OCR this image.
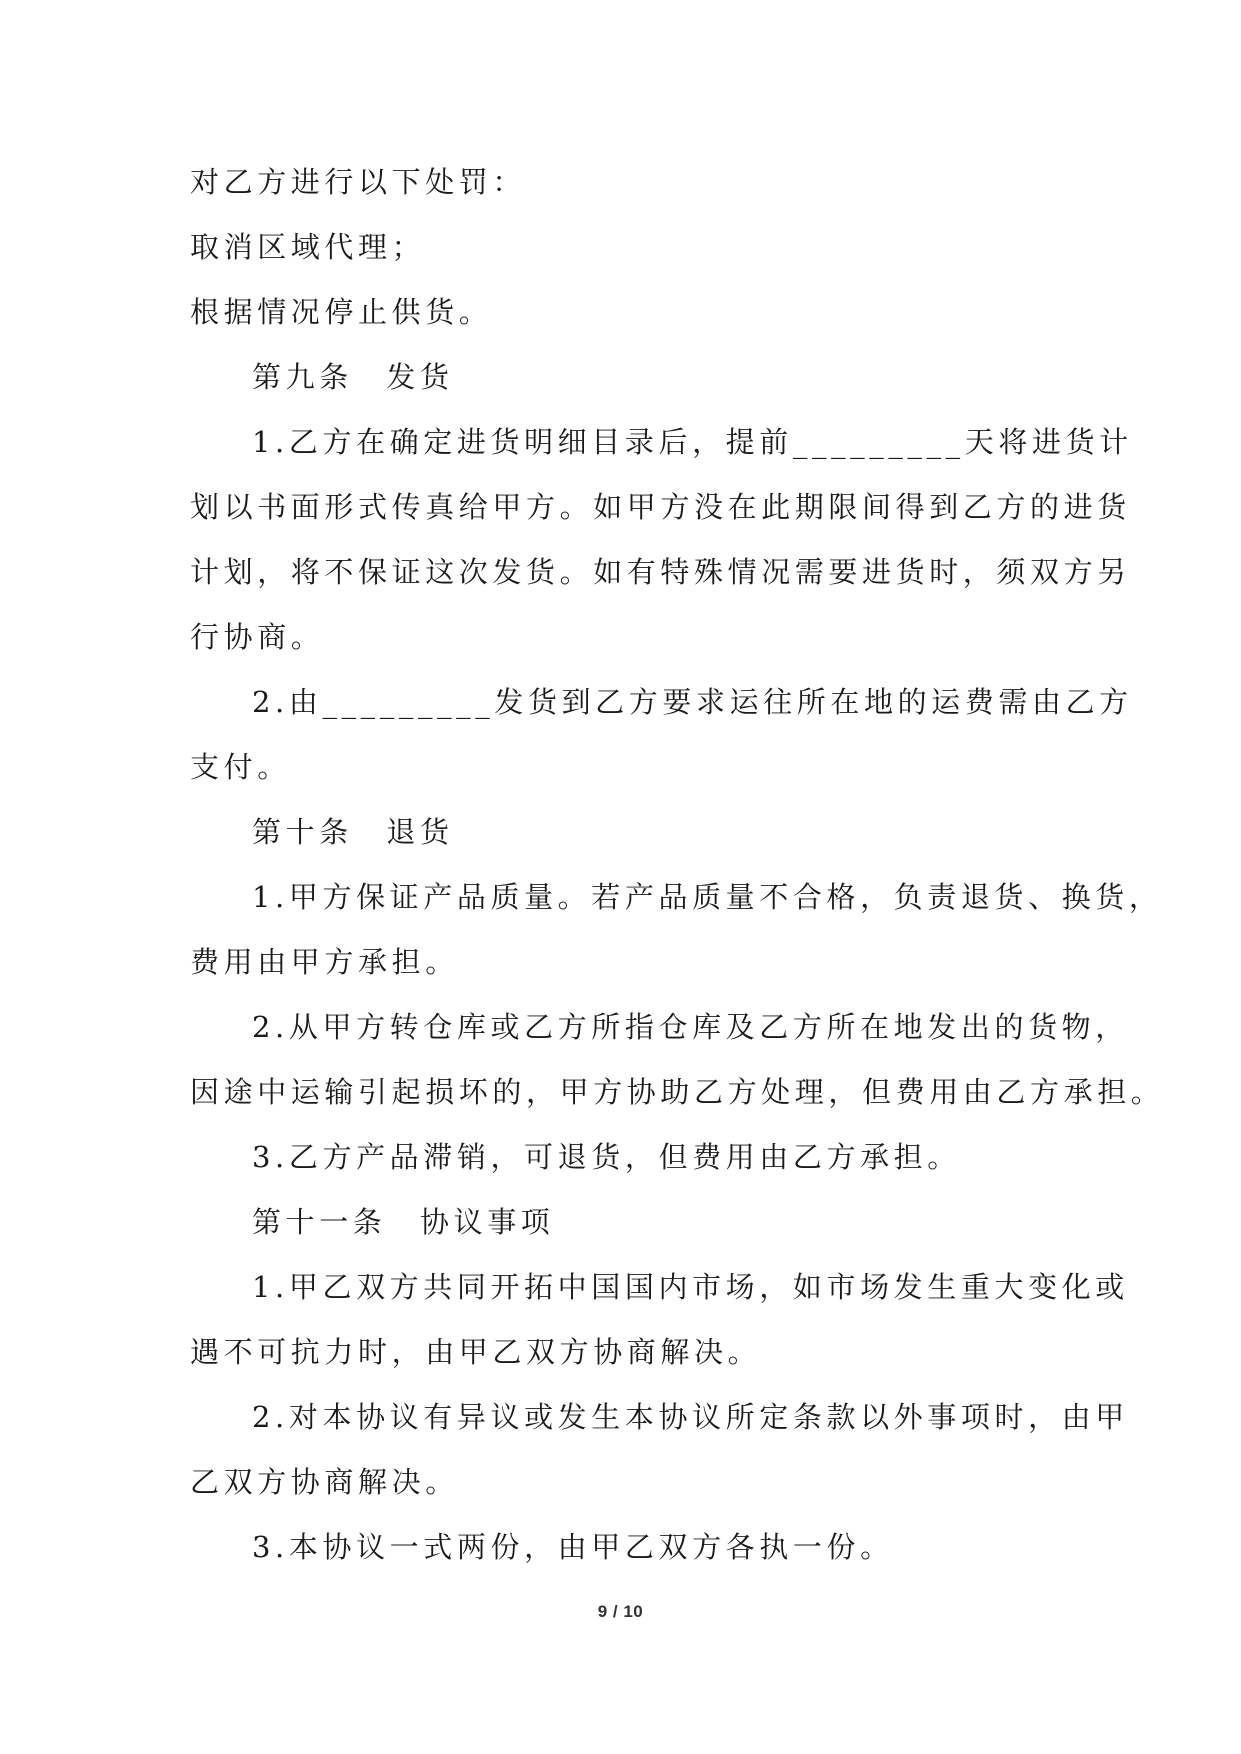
对乙方进行以下处罚：
取消区域代理；
根据情况停止供货。
第九条　发货
1.乙方在确定进货明细目录后，提前_________天将进货计
划以书面形式传真给甲方。如甲方没在此期限间得到乙方的进货
计划，将不保证这次发货。如有特殊情况需要进货时，须双方另
行协商。
2.由_________发货到乙方要求运往所在地的运费需由乙方
支付。
第十条　退货
1.甲方保证产品质量。若产品质量不合格，负责退货、换货，
费用由甲方承担。
2.从甲方转仓库或乙方所指仓库及乙方所在地发出的货物，
因途中运输引起损坏的，甲方协助乙方处理，但费用由乙方承担。
3.乙方产品滞销，可退货，但费用由乙方承担。
第十一条　协议事项
1.甲乙双方共同开拓中国国内市场，如市场发生重大变化或
遇不可抗力时，由甲乙双方协商解决。
2.对本协议有异议或发生本协议所定条款以外事项时，由甲
乙双方协商解决。
3.本协议一式两份，由甲乙双方各执一份。
9 / 10
